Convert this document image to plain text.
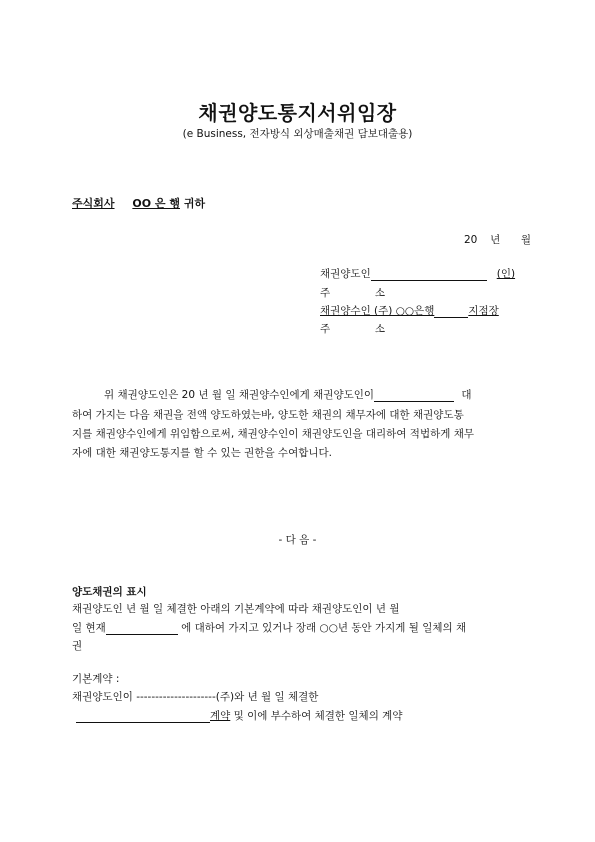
채권양도통지서위임장
(e Business, 전자방식 외상매출채권 담보대출용)
주식회사 OO 은 행 귀하
20 년 월
채권양도인	(인)
주	소
채권양수인 (주) ○○은행	지점장
주	소
위 채권양도인은 20 년 월 일 채권양수인에게 채권양도인이	대
하여 가지는 다음 채권을 전액 양도하였는바, 양도한 채권의 채무자에 대한 채권양도통
지를 채권양수인에게 위임함으로써, 채권양수인이 채권양도인을 대리하여 적법하게 채무
자에 대한 채권양도통지를 할 수 있는 권한을 수여합니다.
- 다 음 -
양도채권의 표시
채권양도인 년 월 일 체결한 아래의 기본계약에 따라 채권양도인이 년 월
일 현재	에 대하여 가지고 있거나 장래 ○○년 동안 가지게 될 일체의 채
권
기본계약 :
채권양도인이 ---------------------(주)와 년 월 일 체결한
계약 및 이에 부수하여 체결한 일체의 계약
